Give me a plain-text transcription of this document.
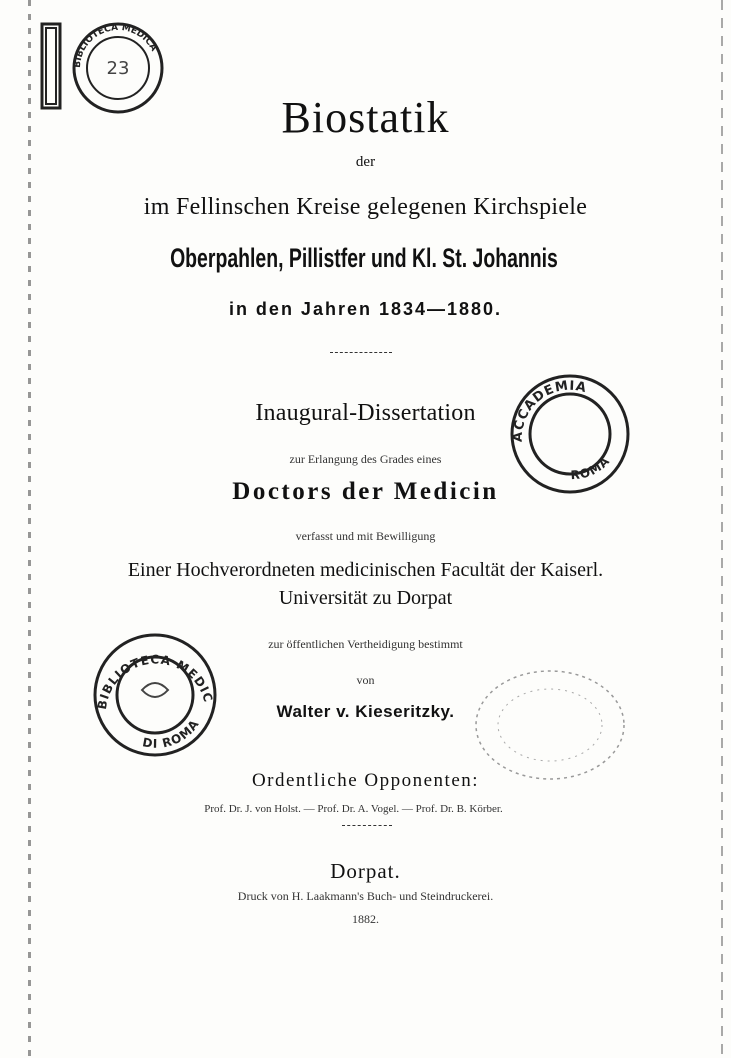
BIBLIOTECA MEDICA
23
ACCADEMIA
ROMA
BIBLIOTECA MEDICA
DI ROMA
Biostatik
der
im Fellinschen Kreise gelegenen Kirchspiele
Oberpahlen, Pillistfer und Kl. St. Johannis
in den Jahren 1834—1880.
Inaugural-Dissertation
zur Erlangung des Grades eines
Doctors der Medicin
verfasst und mit Bewilligung
Einer Hochverordneten medicinischen Facultät der Kaiserl.
Universität zu Dorpat
zur öffentlichen Vertheidigung bestimmt
von
Walter v. Kieseritzky.
Ordentliche Opponenten:
Prof. Dr. J. von Holst. — Prof. Dr. A. Vogel. — Prof. Dr. B. Körber.
Dorpat.
Druck von H. Laakmann's Buch- und Steindruckerei.
1882.
